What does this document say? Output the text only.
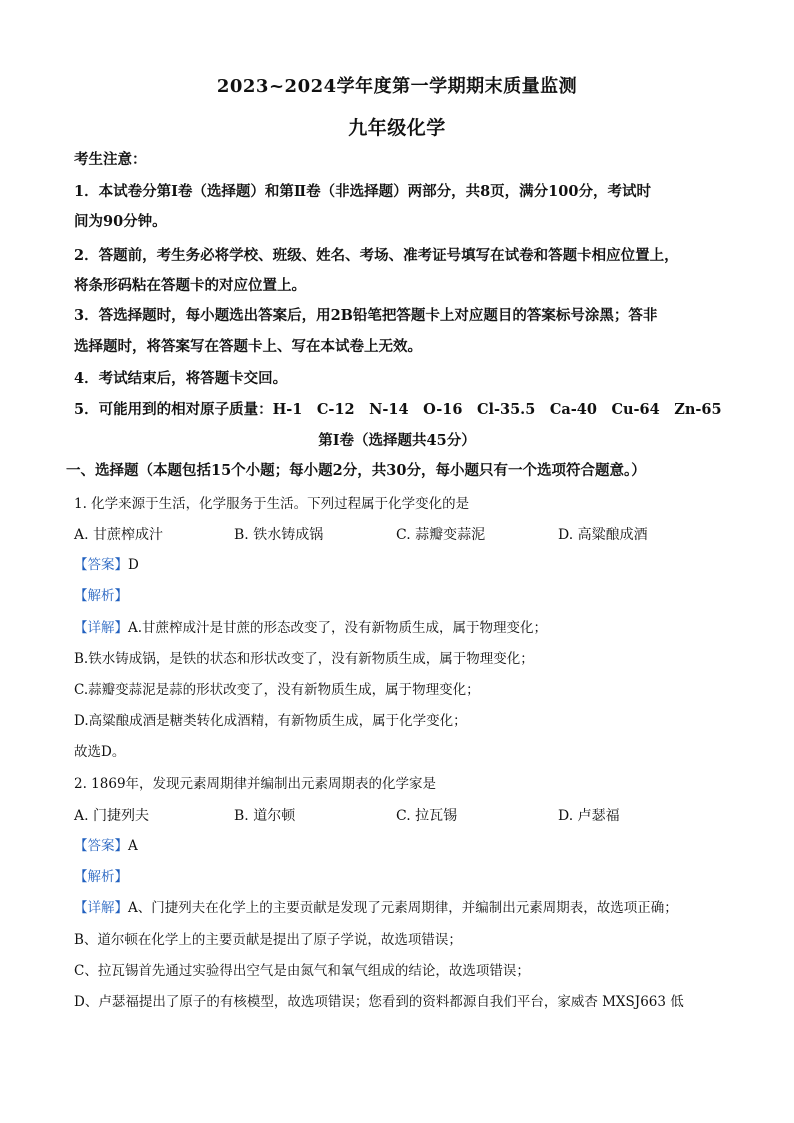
2023~2024学年度第一学期期末质量监测
九年级化学
考生注意：
1．本试卷分第Ⅰ卷（选择题）和第Ⅱ卷（非选择题）两部分，共8页，满分100分，考试时
间为90分钟。
2．答题前，考生务必将学校、班级、姓名、考场、准考证号填写在试卷和答题卡相应位置上，
将条形码粘在答题卡的对应位置上。
3．答选择题时，每小题选出答案后，用2B铅笔把答题卡上对应题目的答案标号涂黑；答非
选择题时，将答案写在答题卡上、写在本试卷上无效。
4．考试结束后，将答题卡交回。
5．可能用到的相对原子质量：H-1　C-12　N-14　O-16　Cl-35.5　Ca-40　Cu-64　Zn-65
第Ⅰ卷（选择题共45分）
一、选择题（本题包括15个小题；每小题2分，共30分，每小题只有一个选项符合题意。）
1. 化学来源于生活，化学服务于生活。下列过程属于化学变化的是
A. 甘蔗榨成汁	B. 铁水铸成锅	C. 蒜瓣变蒜泥	D. 高粱酿成酒
【答案】D
【解析】
【详解】A.甘蔗榨成汁是甘蔗的形态改变了，没有新物质生成，属于物理变化；
B.铁水铸成锅，是铁的状态和形状改变了，没有新物质生成，属于物理变化；
C.蒜瓣变蒜泥是蒜的形状改变了，没有新物质生成，属于物理变化；
D.高粱酿成酒是糖类转化成酒精，有新物质生成，属于化学变化；
故选D。
2. 1869年，发现元素周期律并编制出元素周期表的化学家是
A. 门捷列夫	B. 道尔顿	C. 拉瓦锡	D. 卢瑟福
【答案】A
【解析】
【详解】A、门捷列夫在化学上的主要贡献是发现了元素周期律，并编制出元素周期表，故选项正确；
B、道尔顿在化学上的主要贡献是提出了原子学说，故选项错误；
C、拉瓦锡首先通过实验得出空气是由氮气和氧气组成的结论，故选项错误；
D、卢瑟福提出了原子的有核模型，故选项错误；您看到的资料都源自我们平台，家威杏 MXSJ663 低
